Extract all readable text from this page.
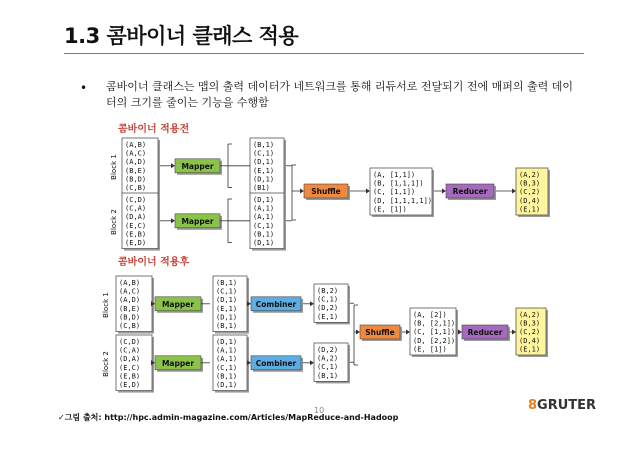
1.3 콤바이너 클래스 적용
• 콤바이너 클래스는 맵의 출력 데이터가 네트워크를 통해 리듀서로 전달되기 전에 매퍼의 출력 데이터의 크기를 줄이는 기능을 수행함
콤바이너 적용전
콤바이너 적용후
Block 1
(A,B)
(A,C)
(A,D)
(B,E)
(B,D)
(C,B)
Mapper
(B,1)
(C,1)
(D,1)
(E,1)
(D,1)
(B1)
Block 2
(C,D)
(C,A)
(D,A)
(E,C)
(E,B)
(E,D)
Mapper
(D,1)
(A,1)
(A,1)
(C,1)
(B,1)
(D,1)
Shuffle
(A, [1,1])
(B, [1,1,1])
(C, [1,1])
(D, [1,1,1,1])
(E, [1])
Reducer
(A,2)
(B,3)
(C,2)
(D,4)
(E,1)
Block 1
(A,B)
(A,C)
(A,D)
(B,E)
(B,D)
(C,B)
Mapper
(B,1)
(C,1)
(D,1)
(E,1)
(D,1)
(B,1)
Combiner
(B,2)
(C,1)
(D,2)
(E,1)
Block 2
(C,D)
(C,A)
(D,A)
(E,C)
(E,B)
(E,D)
Mapper
(D,1)
(A,1)
(A,1)
(C,1)
(B,1)
(D,1)
Combiner
(D,2)
(A,2)
(C,1)
(B,1)
Shuffle
(A, [2])
(B, [2,1])
(C, [1,1])
(D, [2,2])
(E, [1])
Reducer
(A,2)
(B,3)
(C,2)
(D,4)
(E,1)
10
✓그림 출처: http://hpc.admin-magazine.com/Articles/MapReduce-and-Hadoop
8GRUTER
